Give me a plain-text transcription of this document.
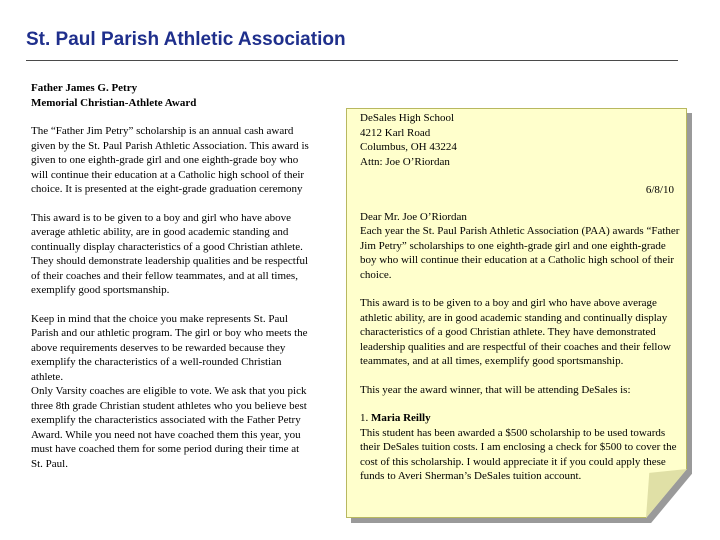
St. Paul Parish Athletic Association

Father James G. Petry

Memorial Christian-Athlete Award

The “Father Jim Petry” scholarship is an annual cash award given by the St. Paul Parish Athletic Association. This award is given to one eighth-grade girl and one eighth-grade boy who will continue their education at a Catholic high school of their choice. It is presented at the eight-grade graduation ceremony

This award is to be given to a boy and girl who have above average athletic ability, are in good academic standing and continually display characteristics of a good Christian athlete. They should demonstrate leadership qualities and be respectful of their coaches and their fellow teammates, and at all times, exemplify good sportsmanship.

Keep in mind that the choice you make represents St. Paul Parish and our athletic program. The girl or boy who meets the above requirements deserves to be rewarded because they exemplify the characteristics of a well-rounded Christian athlete.

Only Varsity coaches are eligible to vote. We ask that you pick three 8th grade Christian student athletes who you believe best exemplify the characteristics associated with the Father Petry Award. While you need not have coached them this year, you must have coached them for some period during their time at St. Paul.

DeSales High School

4212 Karl Road

Columbus, OH 43224

Attn: Joe O’Riordan

6/8/10

Dear Mr. Joe O’Riordan

Each year the St. Paul Parish Athletic Association (PAA) awards “Father Jim Petry” scholarships to one eighth-grade girl and one eighth-grade boy who will continue their education at a Catholic high school of their choice.

This award is to be given to a boy and girl who have above average athletic ability, are in good academic standing and continually display characteristics of a good Christian athlete. They have demonstrated leadership qualities and are respectful of their coaches and their fellow teammates, and at all times, exemplify good sportsmanship.

This year the award winner, that will be attending DeSales is:

1. Maria Reilly

This student has been awarded a $500 scholarship to be used towards their DeSales tuition costs. I am enclosing a check for $500 to cover the cost of this scholarship. I would appreciate it if you could apply these funds to Averi Sherman’s DeSales tuition account.
